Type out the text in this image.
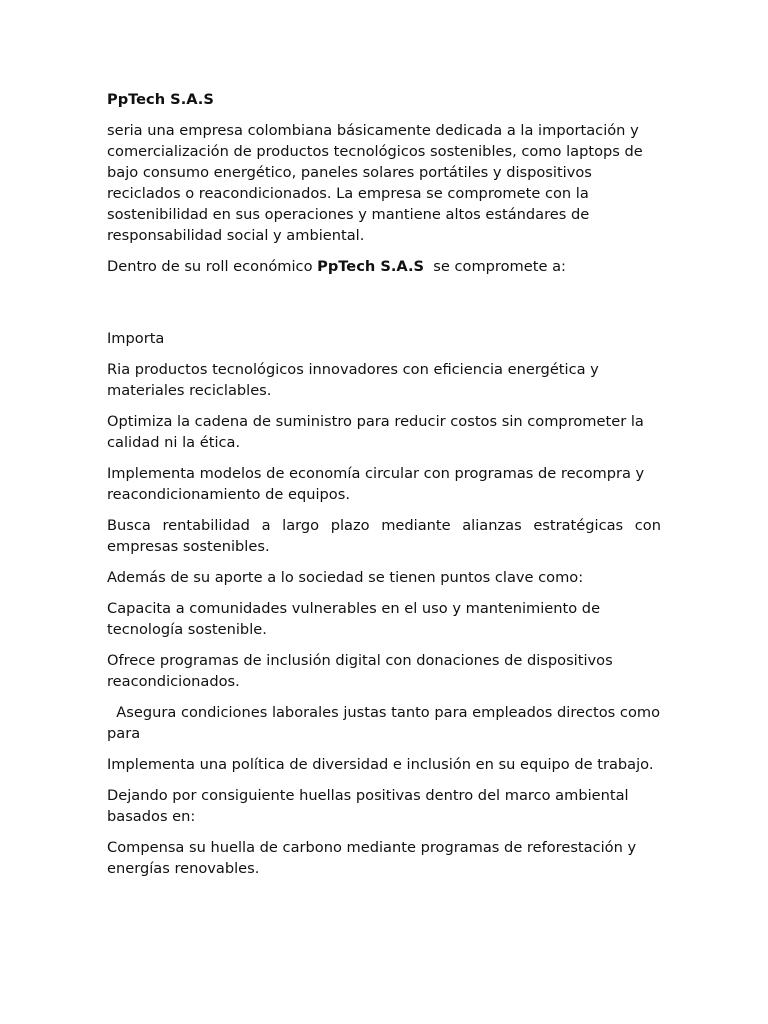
PpTech S.A.S

seria una empresa colombiana básicamente dedicada a la importación y comercialización de productos tecnológicos sostenibles, como laptops de bajo consumo energético, paneles solares portátiles y dispositivos reciclados o reacondicionados. La empresa se compromete con la sostenibilidad en sus operaciones y mantiene altos estándares de responsabilidad social y ambiental.

Dentro de su roll económico PpTech S.A.S  se compromete a:

Importa

Ria productos tecnológicos innovadores con eficiencia energética y materiales reciclables.

Optimiza la cadena de suministro para reducir costos sin comprometer la calidad ni la ética.

Implementa modelos de economía circular con programas de recompra y reacondicionamiento de equipos.

Busca rentabilidad a largo plazo mediante alianzas estratégicas con empresas sostenibles.

Además de su aporte a lo sociedad se tienen puntos clave como:

Capacita a comunidades vulnerables en el uso y mantenimiento de tecnología sostenible.

Ofrece programas de inclusión digital con donaciones de dispositivos reacondicionados.

Asegura condiciones laborales justas tanto para empleados directos como para

Implementa una política de diversidad e inclusión en su equipo de trabajo.

Dejando por consiguiente huellas positivas dentro del marco ambiental basados en:

Compensa su huella de carbono mediante programas de reforestación y energías renovables.
